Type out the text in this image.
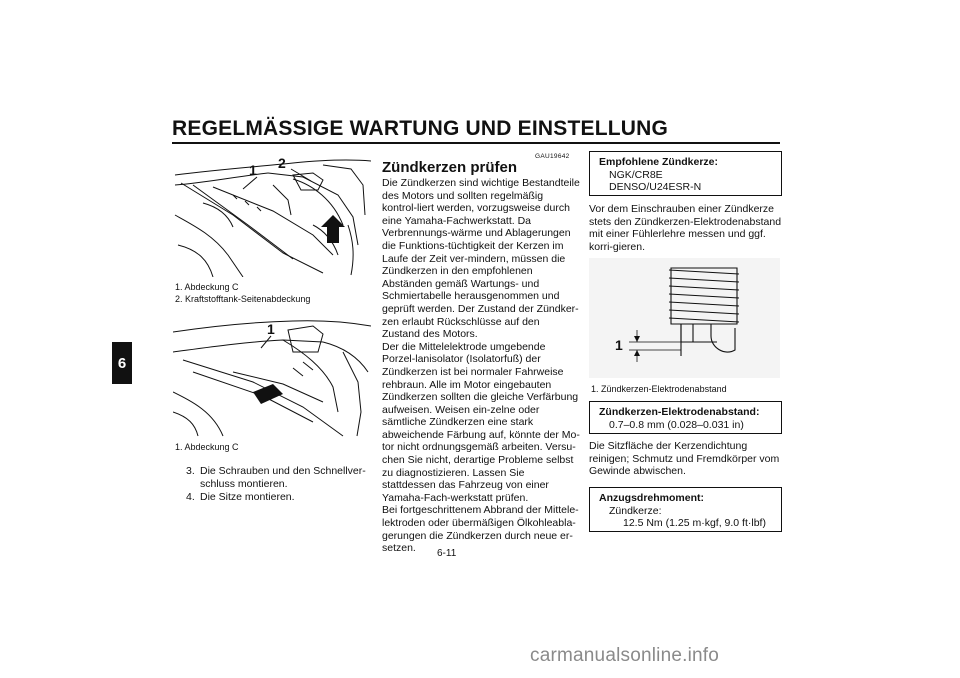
REGELMÄSSIGE WARTUNG UND EINSTELLUNG
6
1 2
1. Abdeckung C
2. Kraftstofftank-Seitenabdeckung
1
1. Abdeckung C
3. Die Schrauben und den Schnellver-schluss montieren.
4. Die Sitze montieren.
GAU19642
Zündkerzen prüfen

Die Zündkerzen sind wichtige Bestandteile des Motors und sollten regelmäßig kontrol-liert werden, vorzugsweise durch eine Yamaha-Fachwerkstatt. Da Verbrennungs-wärme und Ablagerungen die Funktions-tüchtigkeit der Kerzen im Laufe der Zeit ver-mindern, müssen die Zündkerzen in den empfohlenen Abständen gemäß Wartungs- und Schmiertabelle herausgenommen und geprüft werden. Der Zustand der Zündker-zen erlaubt Rückschlüsse auf den Zustand des Motors.

Der die Mittelelektrode umgebende Porzel-lanisolator (Isolatorfuß) der Zündkerzen ist bei normaler Fahrweise rehbraun. Alle im Motor eingebauten Zündkerzen sollten die gleiche Verfärbung aufweisen. Weisen ein-zelne oder sämtliche Zündkerzen eine stark abweichende Färbung auf, könnte der Mo-tor nicht ordnungsgemäß arbeiten. Versu-chen Sie nicht, derartige Probleme selbst zu diagnostizieren. Lassen Sie stattdessen das Fahrzeug von einer Yamaha-Fach-werkstatt prüfen.

Bei fortgeschrittenem Abbrand der Mittele-lektroden oder übermäßigen Ölkohleabla-gerungen die Zündkerzen durch neue er-setzen.

Empfohlene Zündkerze:
NGK/CR8E
DENSO/U24ESR-N
Vor dem Einschrauben einer Zündkerze stets den Zündkerzen-Elektrodenabstand mit einer Fühlerlehre messen und ggf. korri-gieren.
1
1. Zündkerzen-Elektrodenabstand
Zündkerzen-Elektrodenabstand:
0.7–0.8 mm (0.028–0.031 in)
Die Sitzfläche der Kerzendichtung reinigen; Schmutz und Fremdkörper vom Gewinde abwischen.
Anzugsdrehmoment:
Zündkerze:
12.5 Nm (1.25 m·kgf, 9.0 ft·lbf)
6-11
carmanualsonline.info
